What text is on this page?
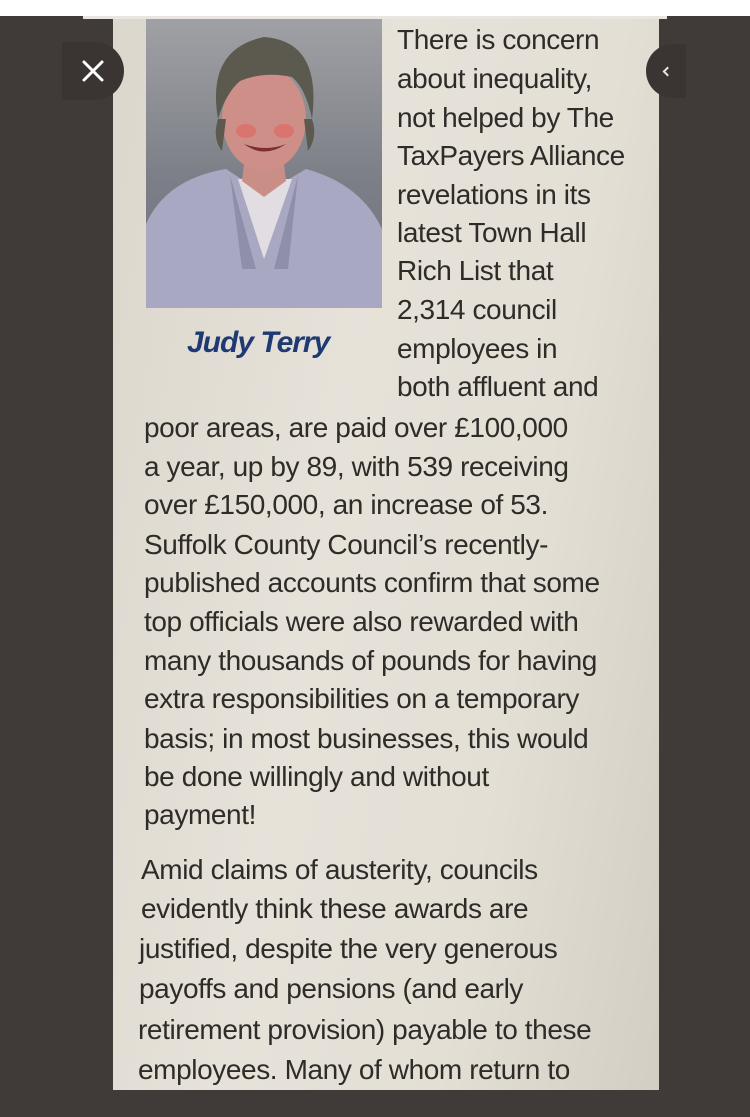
Judy Terry
There is concern
about inequality,
not helped by The
TaxPayers Alliance
revelations in its
latest Town Hall
Rich List that
2,314 council
employees in
both affluent and
poor areas, are paid over £100,000
a year, up by 89, with 539 receiving
over £150,000, an increase of 53.
Suffolk County Council’s recently-
published accounts confirm that some
top officials were also rewarded with
many thousands of pounds for having
extra responsibilities on a temporary
basis; in most businesses, this would
be done willingly and without
payment!
Amid claims of austerity, councils
evidently think these awards are
justified, despite the very generous
payoffs and pensions (and early
retirement provision) payable to these
employees. Many of whom return to
